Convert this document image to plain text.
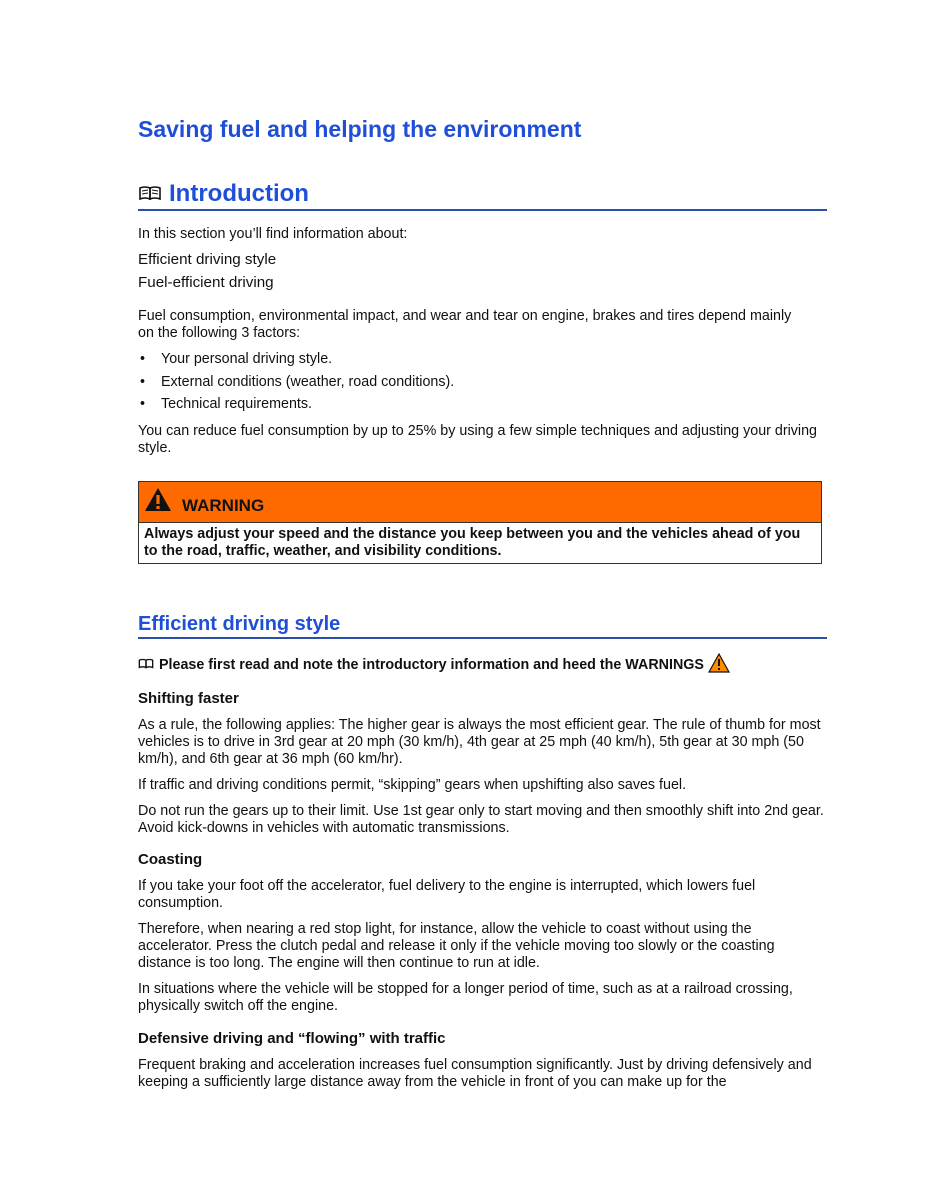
Saving fuel and helping the environment
Introduction

In this section you’ll find information about:

Efficient driving style

Fuel-efficient driving

Fuel consumption, environmental impact, and wear and tear on engine, brakes and tires depend mainly on the following 3 factors:

• Your personal driving style.
• External conditions (weather, road conditions).
• Technical requirements.

You can reduce fuel consumption by up to 25% by using a few simple techniques and adjusting your driving style.

WARNING
Always adjust your speed and the distance you keep between you and the vehicles ahead of you to the road, traffic, weather, and visibility conditions.
Efficient driving style
Please first read and note the introductory information and heed the WARNINGS
Shifting faster

As a rule, the following applies: The higher gear is always the most efficient gear. The rule of thumb for most vehicles is to drive in 3rd gear at 20 mph (30 km/h), 4th gear at 25 mph (40 km/h), 5th gear at 30 mph (50 km/h), and 6th gear at 36 mph (60 km/hr).

If traffic and driving conditions permit, “skipping” gears when upshifting also saves fuel.

Do not run the gears up to their limit. Use 1st gear only to start moving and then smoothly shift into 2nd gear. Avoid kick-downs in vehicles with automatic transmissions.

Coasting

If you take your foot off the accelerator, fuel delivery to the engine is interrupted, which lowers fuel consumption.

Therefore, when nearing a red stop light, for instance, allow the vehicle to coast without using the accelerator. Press the clutch pedal and release it only if the vehicle moving too slowly or the coasting distance is too long. The engine will then continue to run at idle.

In situations where the vehicle will be stopped for a longer period of time, such as at a railroad crossing, physically switch off the engine.

Defensive driving and “flowing” with traffic

Frequent braking and acceleration increases fuel consumption significantly. Just by driving defensively and keeping a sufficiently large distance away from the vehicle in front of you can make up for the
